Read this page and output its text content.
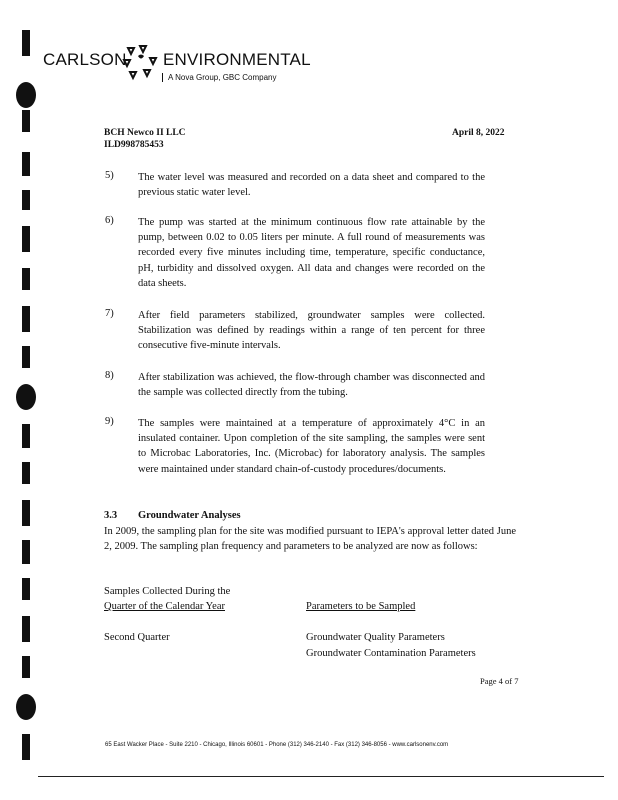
CARLSON ENVIRONMENTAL
A Nova Group, GBC Company
BCH Newco II LLC
ILD998785453
April 8, 2022
5) The water level was measured and recorded on a data sheet and compared to the previous static water level.
6) The pump was started at the minimum continuous flow rate attainable by the pump, between 0.02 to 0.05 liters per minute. A full round of measurements was recorded every five minutes including time, temperature, specific conductance, pH, turbidity and dissolved oxygen. All data and changes were recorded on the data sheets.
7) After field parameters stabilized, groundwater samples were collected. Stabilization was defined by readings within a range of ten percent for three consecutive five-minute intervals.
8) After stabilization was achieved, the flow-through chamber was disconnected and the sample was collected directly from the tubing.
9) The samples were maintained at a temperature of approximately 4°C in an insulated container. Upon completion of the site sampling, the samples were sent to Microbac Laboratories, Inc. (Microbac) for laboratory analysis. The samples were maintained under standard chain-of-custody procedures/documents.
3.3 Groundwater Analyses
In 2009, the sampling plan for the site was modified pursuant to IEPA's approval letter dated June 2, 2009. The sampling plan frequency and parameters to be analyzed are now as follows:
Samples Collected During the
Quarter of the Calendar Year	Parameters to be Sampled
Second Quarter	Groundwater Quality Parameters
Groundwater Contamination Parameters
Page 4 of 7
65 East Wacker Place - Suite 2210 - Chicago, Illinois 60601 - Phone (312) 346-2140 - Fax (312) 346-8056 - www.carlsonenv.com
